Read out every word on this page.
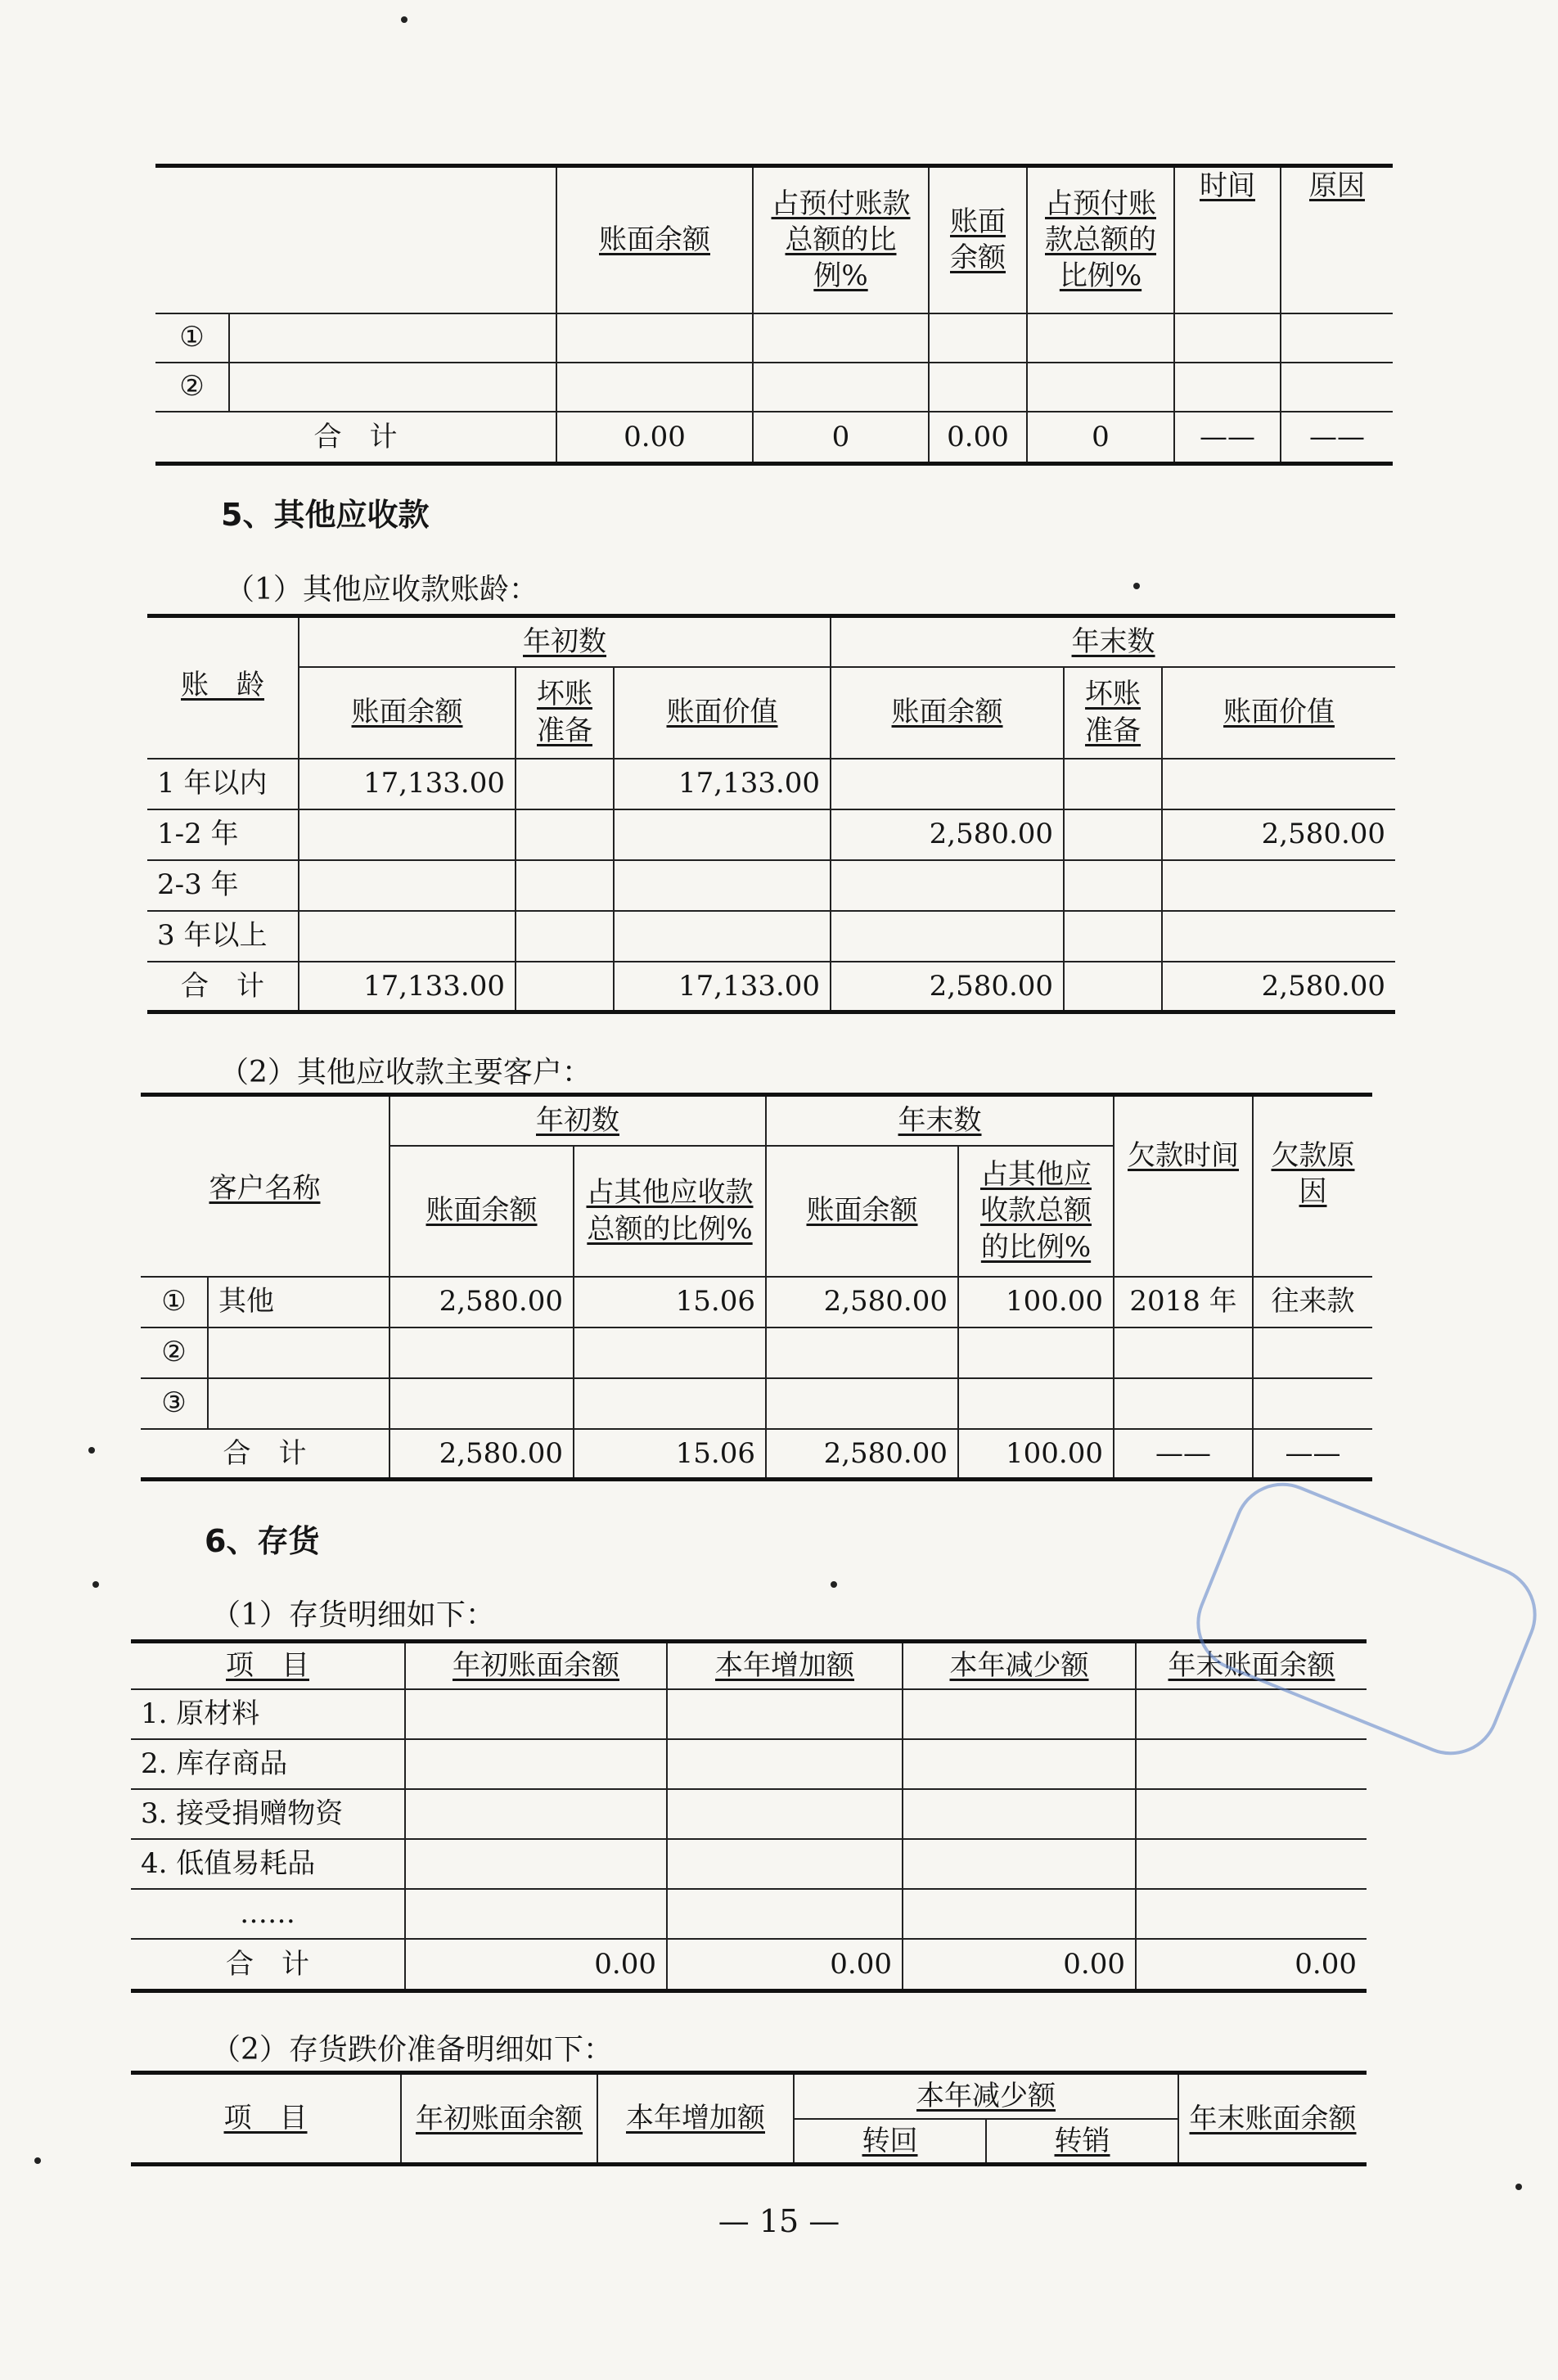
		账面余额	占预付账款总额的比例%	账面余额	占预付账款总额的比例%	时间	原因
①							
②							
合　计		0.00	0	0.00	0	——	——
5、其他应收款
（1）其他应收款账龄：
账　龄	年初数			年末数		
	账面余额	坏账准备	账面价值	账面余额	坏账准备	账面价值
1 年以内	17,133.00		17,133.00			
1-2 年				2,580.00		2,580.00
2-3 年						
3 年以上						
合　计	17,133.00		17,133.00	2,580.00		2,580.00
（2）其他应收款主要客户：
客户名称		年初数		年末数		欠款时间	欠款原因
		账面余额	占其他应收款总额的比例%	账面余额	占其他应收款总额的比例%		
①	其他	2,580.00	15.06	2,580.00	100.00	2018 年	往来款
②							
③							
合　计		2,580.00	15.06	2,580.00	100.00	——	——
6、存货
（1）存货明细如下：
项　目	年初账面余额	本年增加额	本年减少额	年末账面余额
1. 原材料				
2. 库存商品				
3. 接受捐赠物资				
4. 低值易耗品				
……				
合　计	0.00	0.00	0.00	0.00
（2）存货跌价准备明细如下：
项　目	年初账面余额	本年增加额	本年减少额		年末账面余额
			转回	转销	
— 15 —
